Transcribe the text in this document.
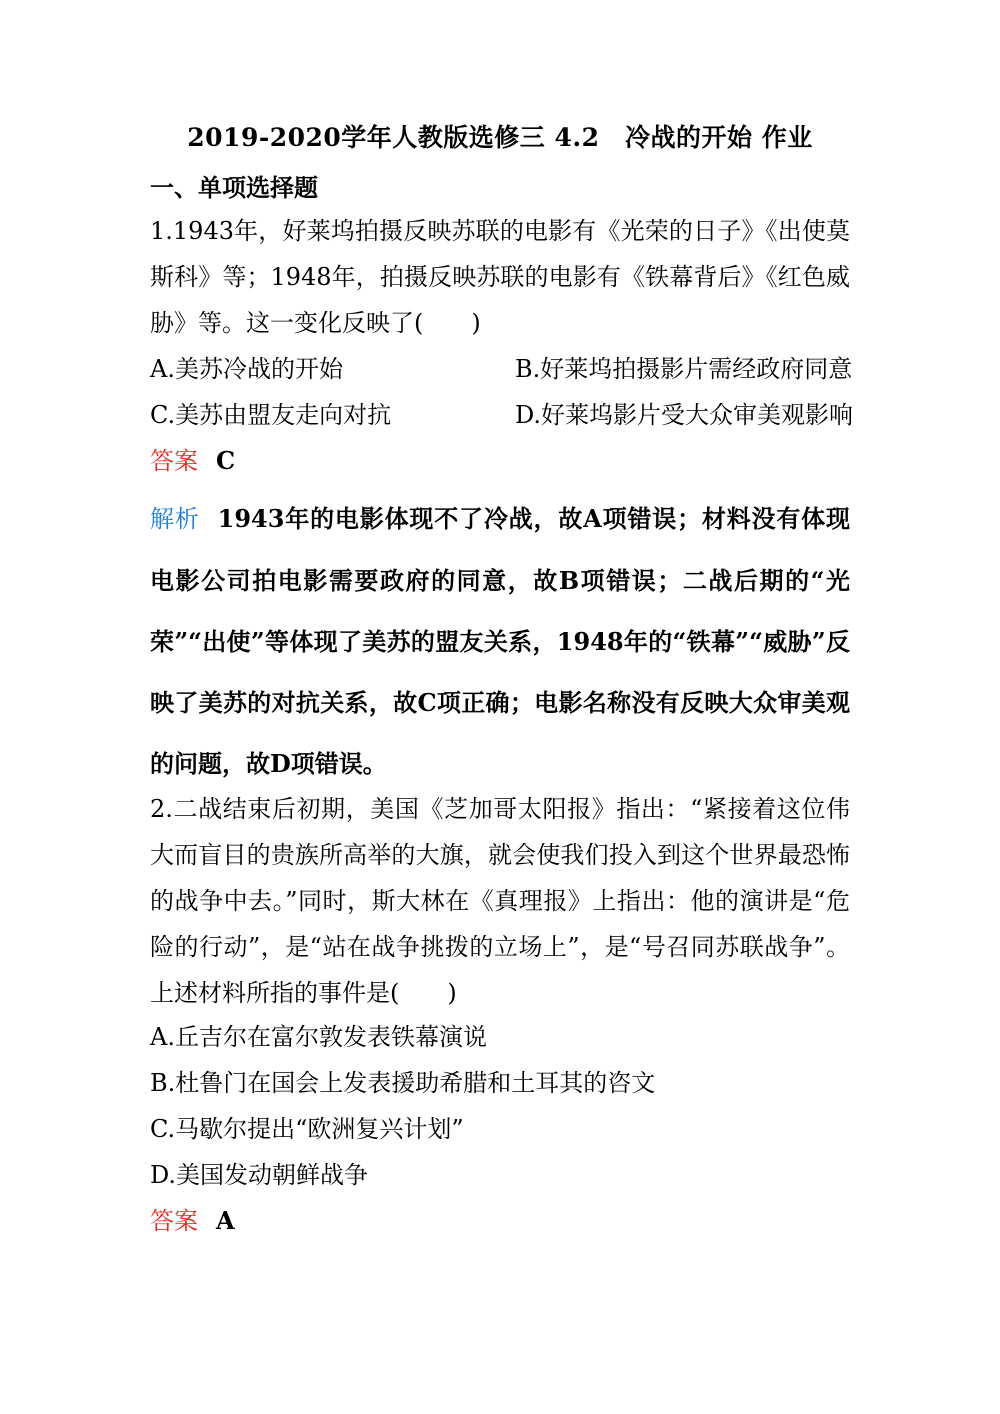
2019-2020学年人教版选修三 4.2　冷战的开始 作业
一、单项选择题
1.1943年，好莱坞拍摄反映苏联的电影有《光荣的日子》《出使莫斯科》等；1948年，拍摄反映苏联的电影有《铁幕背后》《红色威胁》等。这一变化反映了(　　)
A.美苏冷战的开始	B.好莱坞拍摄影片需经政府同意
C.美苏由盟友走向对抗	D.好莱坞影片受大众审美观影响
答案 C
解析 1943年的电影体现不了冷战，故A项错误；材料没有体现电影公司拍电影需要政府的同意，故B项错误；二战后期的“光荣”“出使”等体现了美苏的盟友关系，1948年的“铁幕”“威胁”反映了美苏的对抗关系，故C项正确；电影名称没有反映大众审美观的问题，故D项错误。
2.二战结束后初期，美国《芝加哥太阳报》指出：“紧接着这位伟大而盲目的贵族所高举的大旗，就会使我们投入到这个世界最恐怖的战争中去。”同时，斯大林在《真理报》上指出：他的演讲是“危险的行动”，是“站在战争挑拨的立场上”，是“号召同苏联战争”。上述材料所指的事件是(　　)
A.丘吉尔在富尔敦发表铁幕演说
B.杜鲁门在国会上发表援助希腊和土耳其的咨文
C.马歇尔提出“欧洲复兴计划”
D.美国发动朝鲜战争
答案 A
